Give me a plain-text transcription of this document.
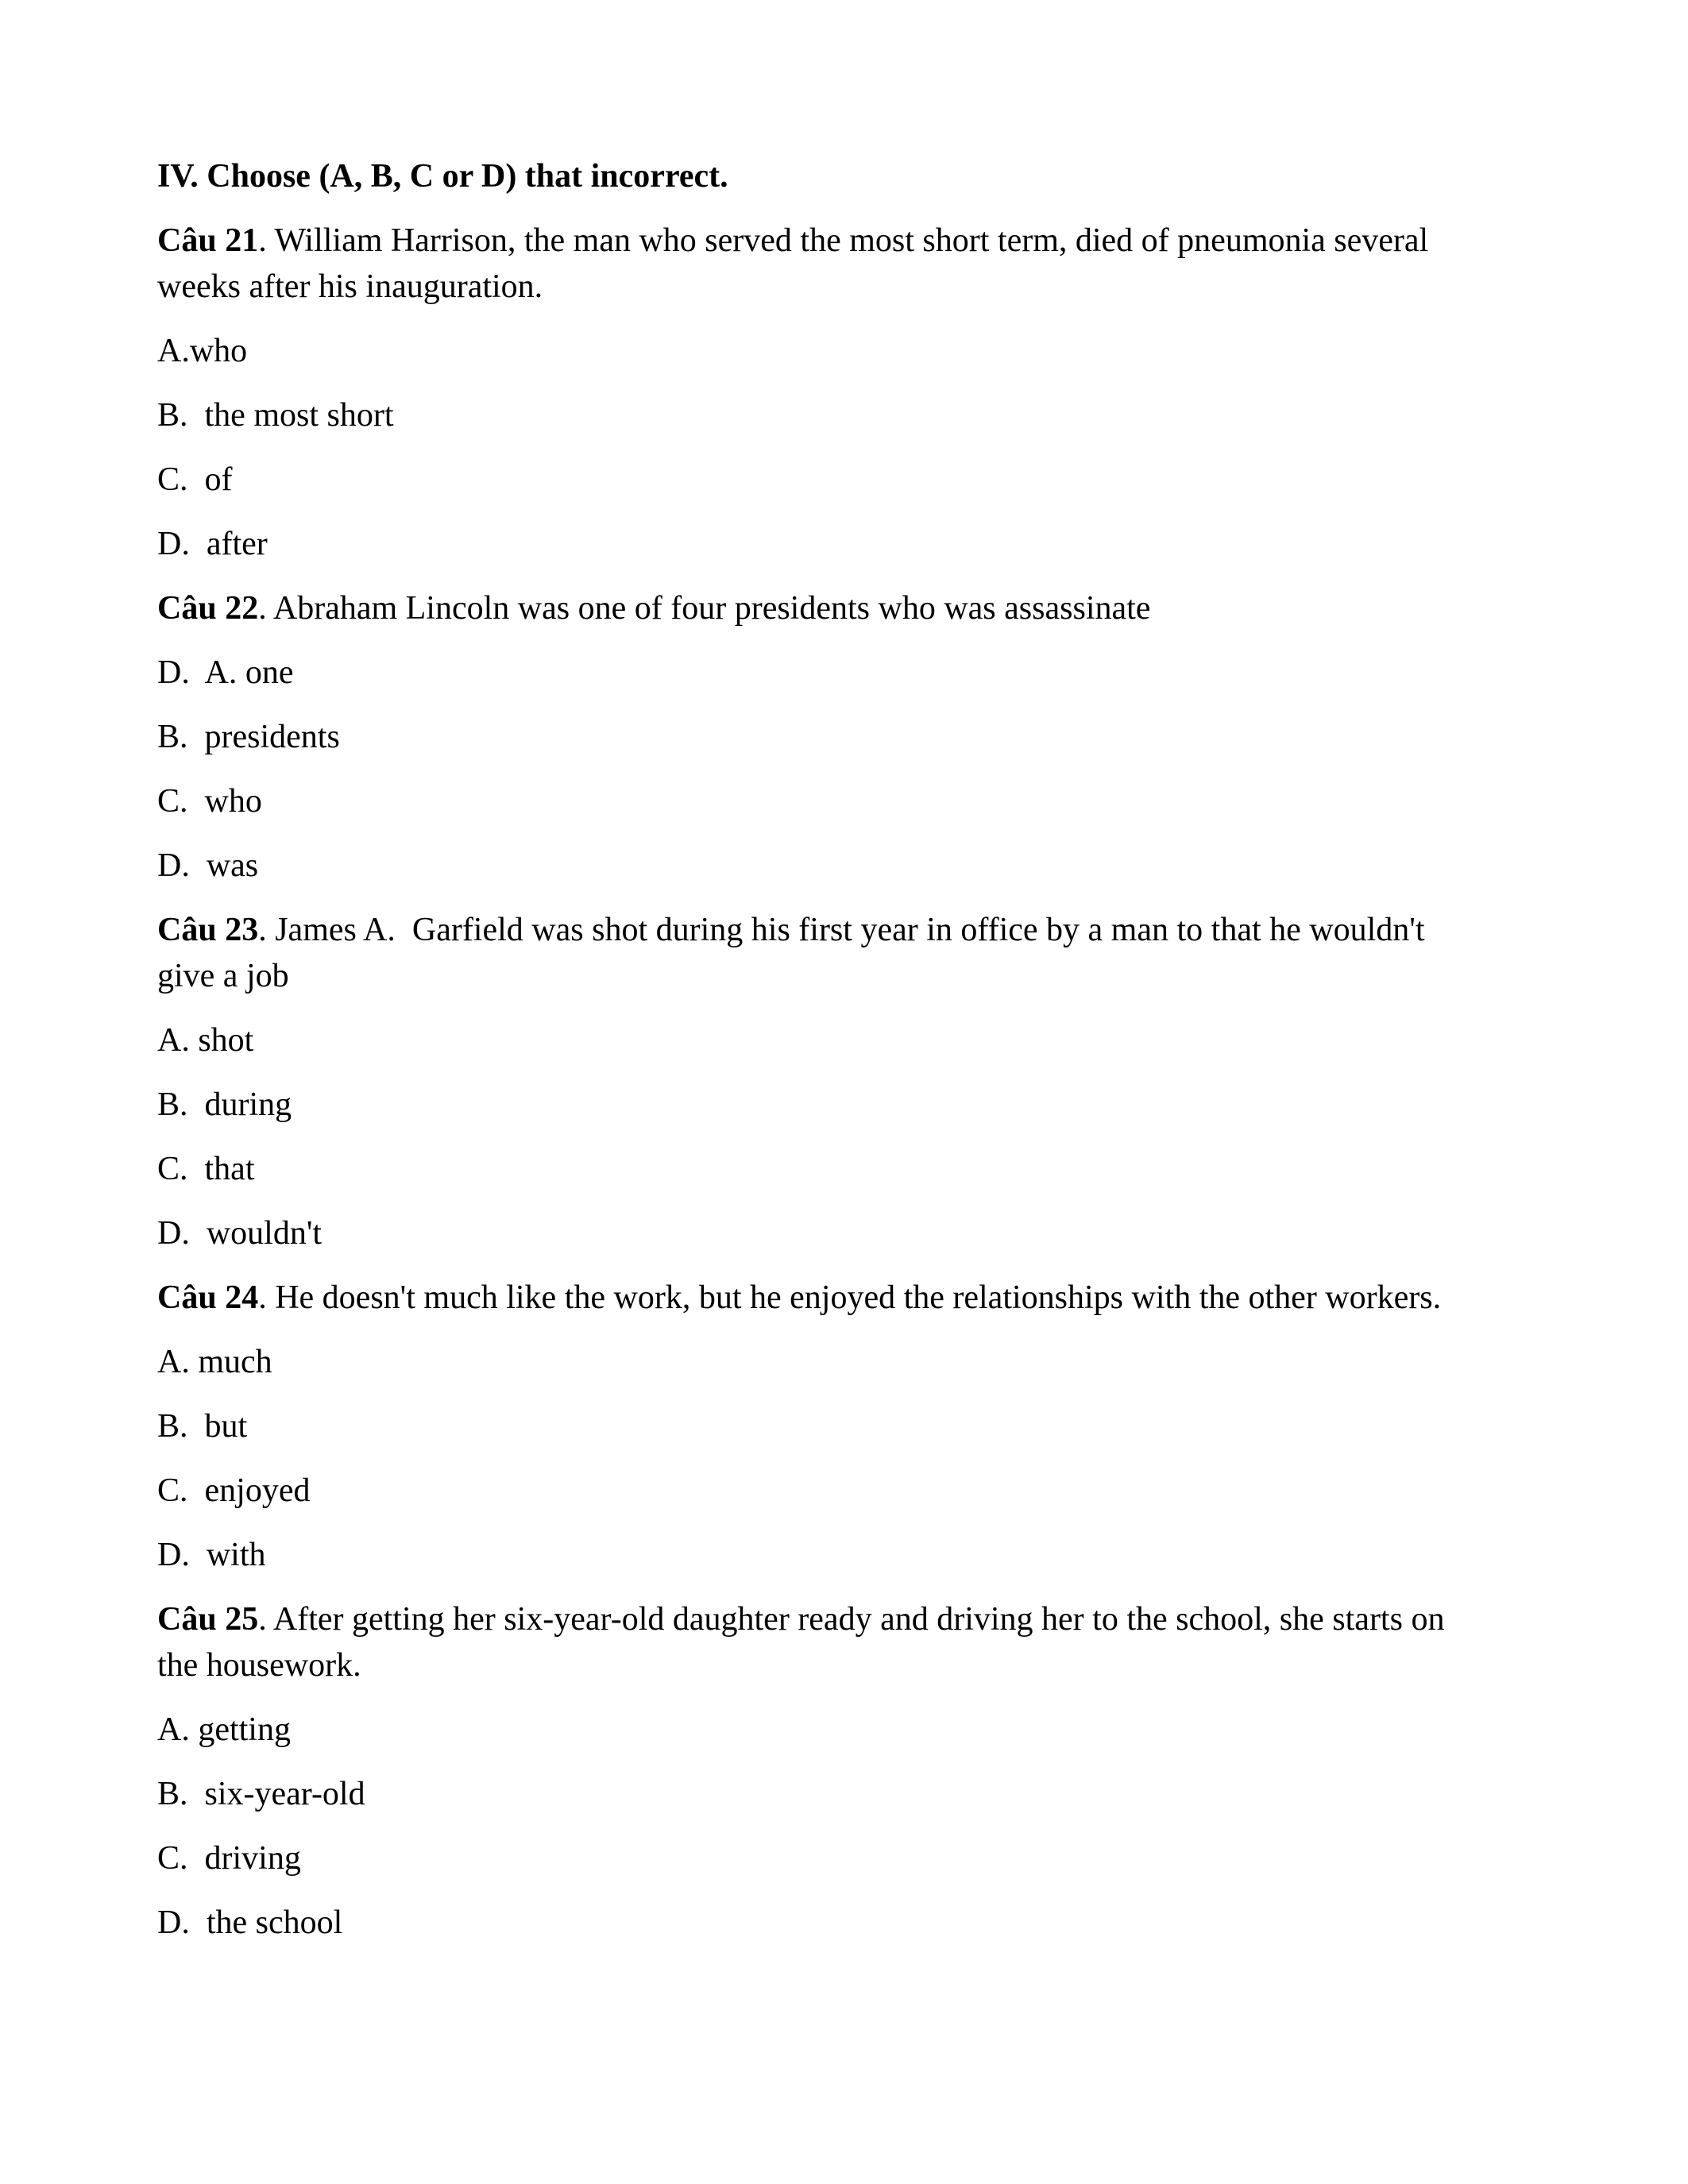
IV. Choose (A, B, C or D) that incorrect.
Câu 21. William Harrison, the man who served the most short term, died of pneumonia several
weeks after his inauguration.
A.who
B.  the most short
C.  of
D.  after
Câu 22. Abraham Lincoln was one of four presidents who was assassinate
D.  A. one
B.  presidents
C.  who
D.  was
Câu 23. James A.  Garfield was shot during his first year in office by a man to that he wouldn't
give a job
A. shot
B.  during
C.  that
D.  wouldn't
Câu 24. He doesn't much like the work, but he enjoyed the relationships with the other workers.
A. much
B.  but
C.  enjoyed
D.  with
Câu 25. After getting her six-year-old daughter ready and driving her to the school, she starts on
the housework.
A. getting
B.  six-year-old
C.  driving
D.  the school
